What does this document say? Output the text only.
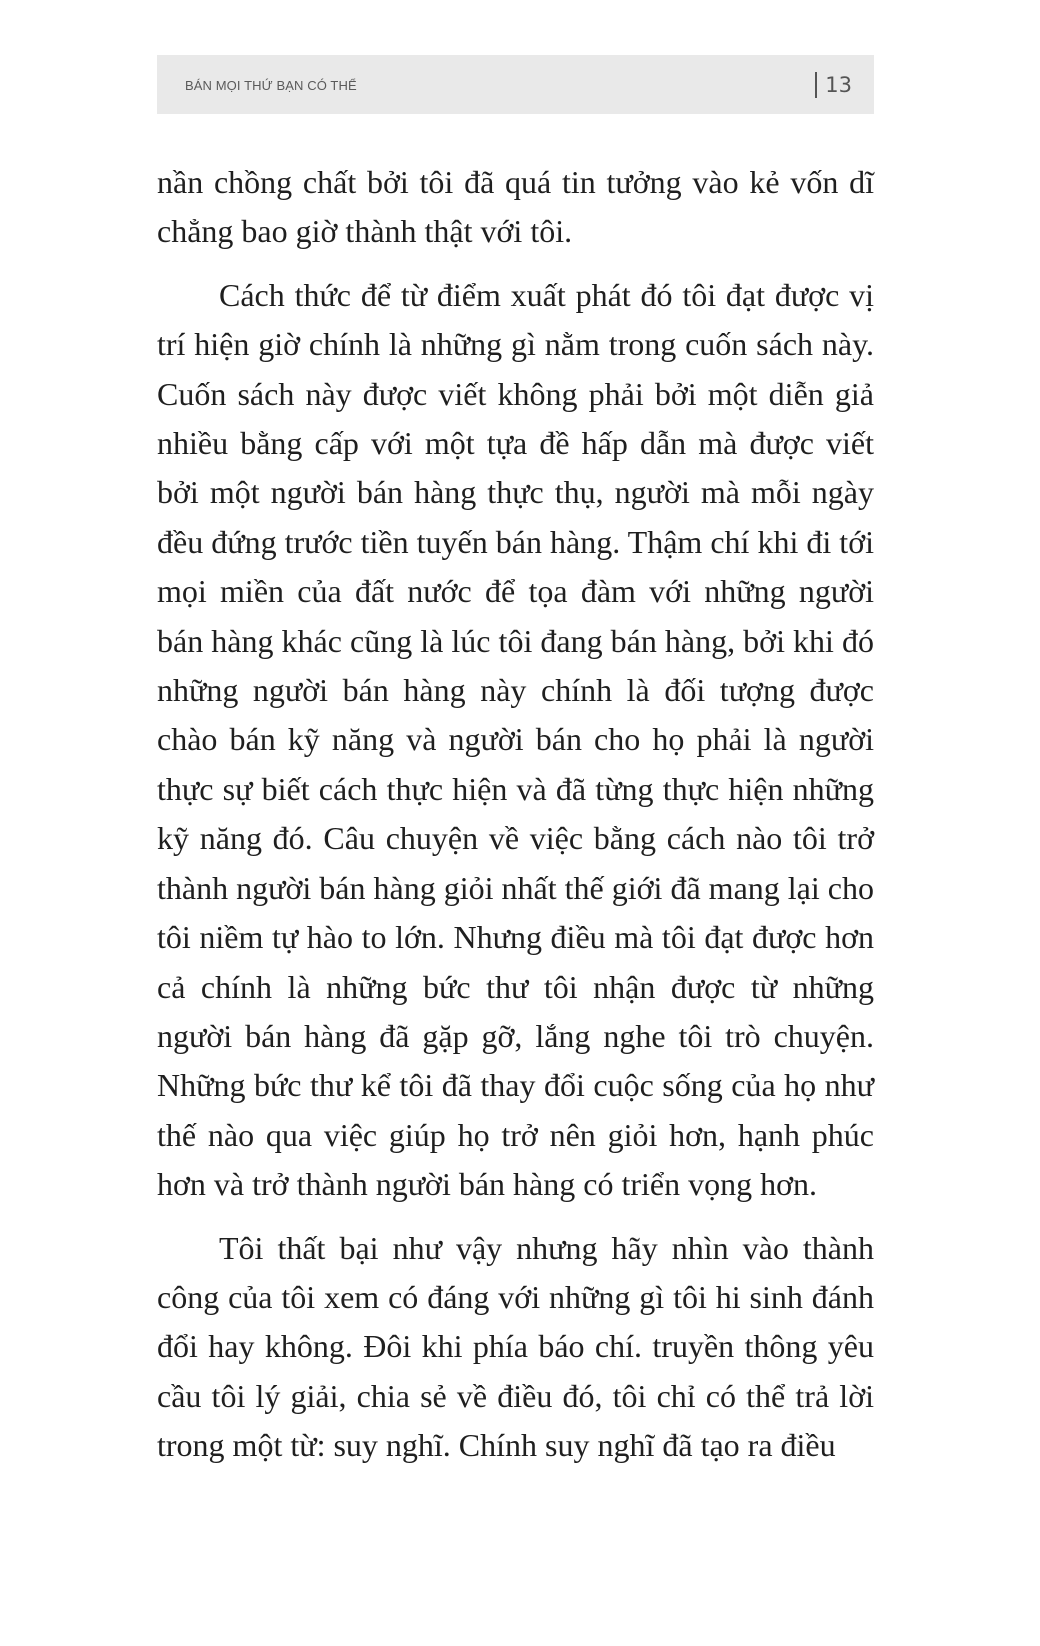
BÁN MỌI THỨ BẠN CÓ THỂ	13

nần chồng chất bởi tôi đã quá tin tưởng vào kẻ vốn dĩ chẳng bao giờ thành thật với tôi.

Cách thức để từ điểm xuất phát đó tôi đạt được vị trí hiện giờ chính là những gì nằm trong cuốn sách này. Cuốn sách này được viết không phải bởi một diễn giả nhiều bằng cấp với một tựa đề hấp dẫn mà được viết bởi một người bán hàng thực thụ, người mà mỗi ngày đều đứng trước tiền tuyến bán hàng. Thậm chí khi đi tới mọi miền của đất nước để tọa đàm với những người bán hàng khác cũng là lúc tôi đang bán hàng, bởi khi đó những người bán hàng này chính là đối tượng được chào bán kỹ năng và người bán cho họ phải là người thực sự biết cách thực hiện và đã từng thực hiện những kỹ năng đó. Câu chuyện về việc bằng cách nào tôi trở thành người bán hàng giỏi nhất thế giới đã mang lại cho tôi niềm tự hào to lớn. Nhưng điều mà tôi đạt được hơn cả chính là những bức thư tôi nhận được từ những người bán hàng đã gặp gỡ, lắng nghe tôi trò chuyện. Những bức thư kể tôi đã thay đổi cuộc sống của họ như thế nào qua việc giúp họ trở nên giỏi hơn, hạnh phúc hơn và trở thành người bán hàng có triển vọng hơn.

Tôi thất bại như vậy nhưng hãy nhìn vào thành công của tôi xem có đáng với những gì tôi hi sinh đánh đổi hay không. Đôi khi phía báo chí. truyền thông yêu cầu tôi lý giải, chia sẻ về điều đó, tôi chỉ có thể trả lời trong một từ: suy nghĩ. Chính suy nghĩ đã tạo ra điều
